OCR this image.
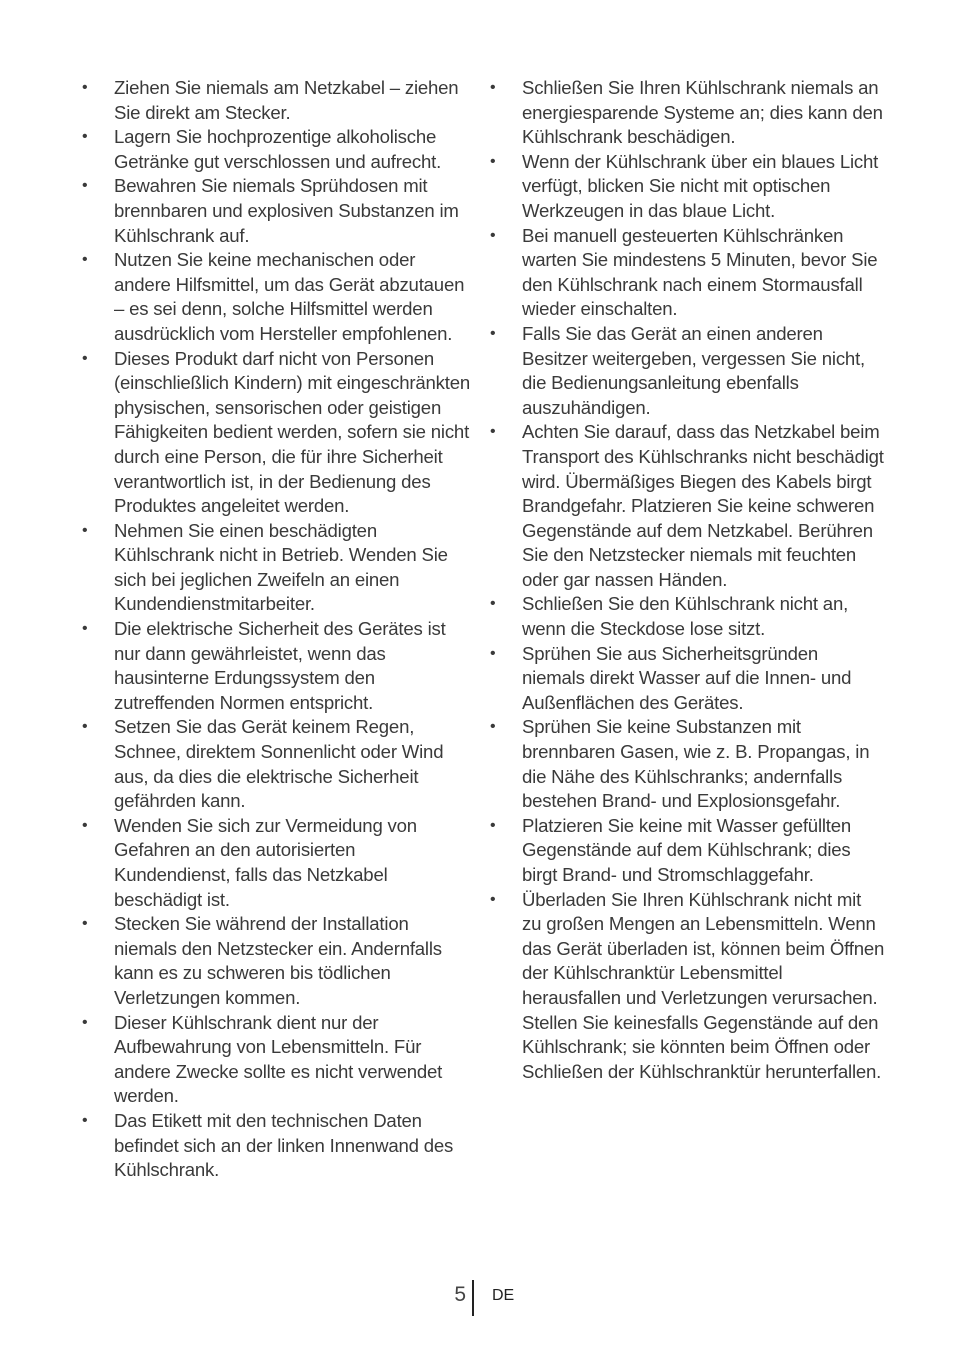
•	Ziehen Sie niemals am Netzkabel – ziehen Sie direkt am Stecker.
•	Lagern Sie hochprozentige alkoholische Getränke gut verschlossen und aufrecht.
•	Bewahren Sie niemals Sprühdosen mit brennbaren und explosiven Substanzen im Kühlschrank auf.
•	Nutzen Sie keine mechanischen oder andere Hilfsmittel, um das Gerät abzutauen – es sei denn, solche Hilfsmittel werden ausdrücklich vom Hersteller empfohlenen.
•	Dieses Produkt darf nicht von Personen (einschließlich Kindern) mit eingeschränkten physischen, sensorischen oder geistigen Fähigkeiten bedient werden, sofern sie nicht durch eine Person, die für ihre Sicherheit verantwortlich ist, in der Bedienung des Produktes angeleitet werden.
•	Nehmen Sie einen beschädigten Kühlschrank nicht in Betrieb. Wenden Sie sich bei jeglichen Zweifeln an einen Kundendienstmitarbeiter.
•	Die elektrische Sicherheit des Gerätes ist nur dann gewährleistet, wenn das hausinterne Erdungssystem den zutreffenden Normen entspricht.
•	Setzen Sie das Gerät keinem Regen, Schnee, direktem Sonnenlicht oder Wind aus, da dies die elektrische Sicherheit gefährden kann.
•	Wenden Sie sich zur Vermeidung von Gefahren an den autorisierten Kundendienst, falls das Netzkabel beschädigt ist.
•	Stecken Sie während der Installation niemals den Netzstecker ein. Andernfalls kann es zu schweren bis tödlichen Verletzungen kommen.
•	Dieser Kühlschrank dient nur der Aufbewahrung von Lebensmitteln. Für andere Zwecke sollte es nicht verwendet werden.
•	Das Etikett mit den technischen Daten befindet sich an der linken Innenwand des Kühlschrank.
•	Schließen Sie Ihren Kühlschrank niemals an energiesparende Systeme an; dies kann den Kühlschrank beschädigen.
•	Wenn der Kühlschrank über ein blaues Licht verfügt, blicken Sie nicht mit optischen Werkzeugen in das blaue Licht.
•	Bei manuell gesteuerten Kühlschränken warten Sie mindestens 5 Minuten, bevor Sie den Kühlschrank nach einem Stormausfall wieder einschalten.
•	Falls Sie das Gerät an einen anderen Besitzer weitergeben, vergessen Sie nicht, die Bedienungsanleitung ebenfalls auszuhändigen.
•	Achten Sie darauf, dass das Netzkabel beim Transport des Kühlschranks nicht beschädigt wird. Übermäßiges Biegen des Kabels birgt Brandgefahr. Platzieren Sie keine schweren Gegenstände auf dem Netzkabel. Berühren Sie den Netzstecker niemals mit feuchten oder gar nassen Händen.
•	Schließen Sie den Kühlschrank nicht an, wenn die Steckdose lose sitzt.
•	Sprühen Sie aus Sicherheitsgründen niemals direkt Wasser auf die Innen- und Außenflächen des Gerätes.
•	Sprühen Sie keine Substanzen mit brennbaren Gasen, wie z. B. Propangas, in die Nähe des Kühlschranks; andernfalls bestehen Brand- und Explosionsgefahr.
•	Platzieren Sie keine mit Wasser gefüllten Gegenstände auf dem Kühlschrank; dies birgt Brand- und Stromschlaggefahr.
•	Überladen Sie Ihren Kühlschrank nicht mit zu großen Mengen an Lebensmitteln. Wenn das Gerät überladen ist, können beim Öffnen der Kühlschranktür Lebensmittel herausfallen und Verletzungen verursachen. Stellen Sie keinesfalls Gegenstände auf den Kühlschrank; sie könnten beim Öffnen oder Schließen der Kühlschranktür herunterfallen.
5 DE
